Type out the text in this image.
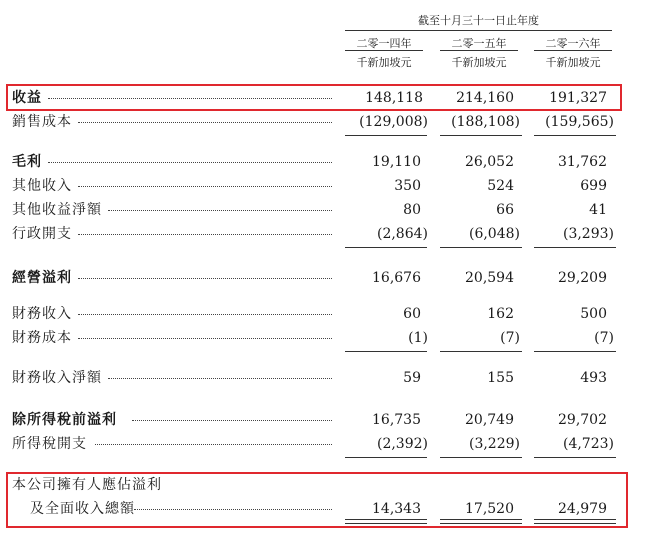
截至十月三十一日止年度
二零一四年	二零一五年	二零一六年
千新加坡元	千新加坡元	千新加坡元
收益	148,118	214,160	191,327
銷售成本	(129,008)	(188,108)	(159,565)
毛利	19,110	26,052	31,762
其他收入	350	524	699
其他收益淨額	80	66	41
行政開支	(2,864)	(6,048)	(3,293)
經營溢利	16,676	20,594	29,209
財務收入	60	162	500
財務成本	(1)	(7)	(7)
財務收入淨額	59	155	493
除所得稅前溢利	16,735	20,749	29,702
所得稅開支	(2,392)	(3,229)	(4,723)
本公司擁有人應佔溢利
及全面收入總額	14,343	17,520	24,979
